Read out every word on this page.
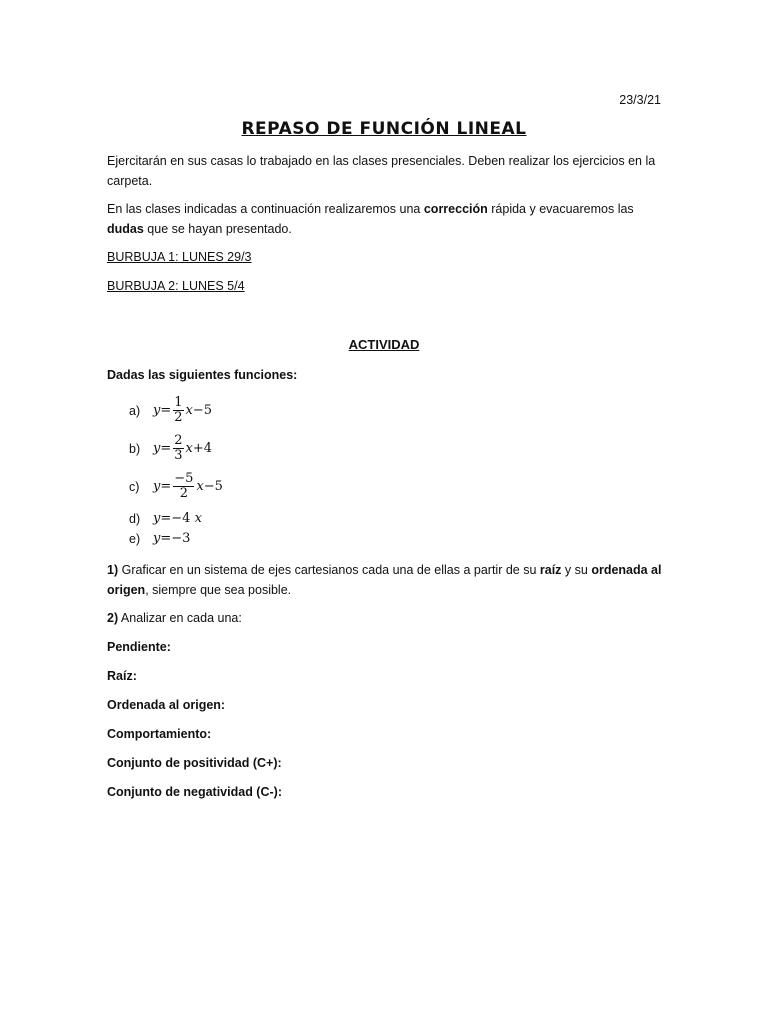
23/3/21
REPASO DE FUNCIÓN LINEAL
Ejercitarán en sus casas lo trabajado en las clases presenciales. Deben realizar los ejercicios en la carpeta.
En las clases indicadas a continuación realizaremos una corrección rápida y evacuaremos las dudas que se hayan presentado.
BURBUJA 1: LUNES 29/3
BURBUJA 2: LUNES 5/4
ACTIVIDAD
Dadas las siguientes funciones:
a) $y = \frac{1}{2}$ x −5
b) $y = \frac{2}{3}$ x +4
c)	$y = \frac{-5}{2}$ x −5
d) y = −4
x
e) y = −3
1) Graficar en un sistema de ejes cartesianos cada una de ellas a partir de su raíz y su ordenada al origen, siempre que sea posible.
2) Analizar en cada una:
Pendiente:
Raíz:
Ordenada al origen:
Comportamiento:
Conjunto de positividad (C+):
Conjunto de negatividad (C-):
